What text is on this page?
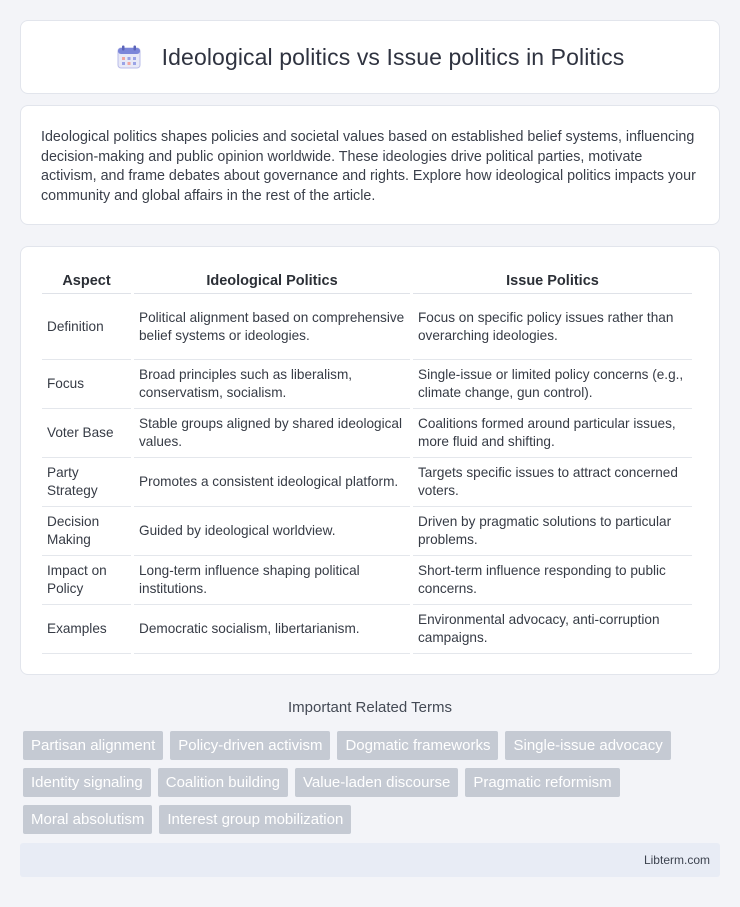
Ideological politics vs Issue politics in Politics

Ideological politics shapes policies and societal values based on established belief systems, influencing decision-making and public opinion worldwide. These ideologies drive political parties, motivate activism, and frame debates about governance and rights. Explore how ideological politics impacts your community and global affairs in the rest of the article.

Aspect	Ideological Politics	Issue Politics
Definition	Political alignment based on comprehensive belief systems or ideologies.	Focus on specific policy issues rather than overarching ideologies.
Focus	Broad principles such as liberalism, conservatism, socialism.	Single-issue or limited policy concerns (e.g., climate change, gun control).
Voter Base	Stable groups aligned by shared ideological values.	Coalitions formed around particular issues, more fluid and shifting.
Party Strategy	Promotes a consistent ideological platform.	Targets specific issues to attract concerned voters.
Decision Making	Guided by ideological worldview.	Driven by pragmatic solutions to particular problems.
Impact on Policy	Long-term influence shaping political institutions.	Short-term influence responding to public concerns.
Examples	Democratic socialism, libertarianism.	Environmental advocacy, anti-corruption campaigns.
Important Related Terms
Partisan alignment	Policy-driven activism	Dogmatic frameworks	Single-issue advocacy
Identity signaling	Coalition building	Value-laden discourse	Pragmatic reformism
Moral absolutism	Interest group mobilization
Libterm.com
